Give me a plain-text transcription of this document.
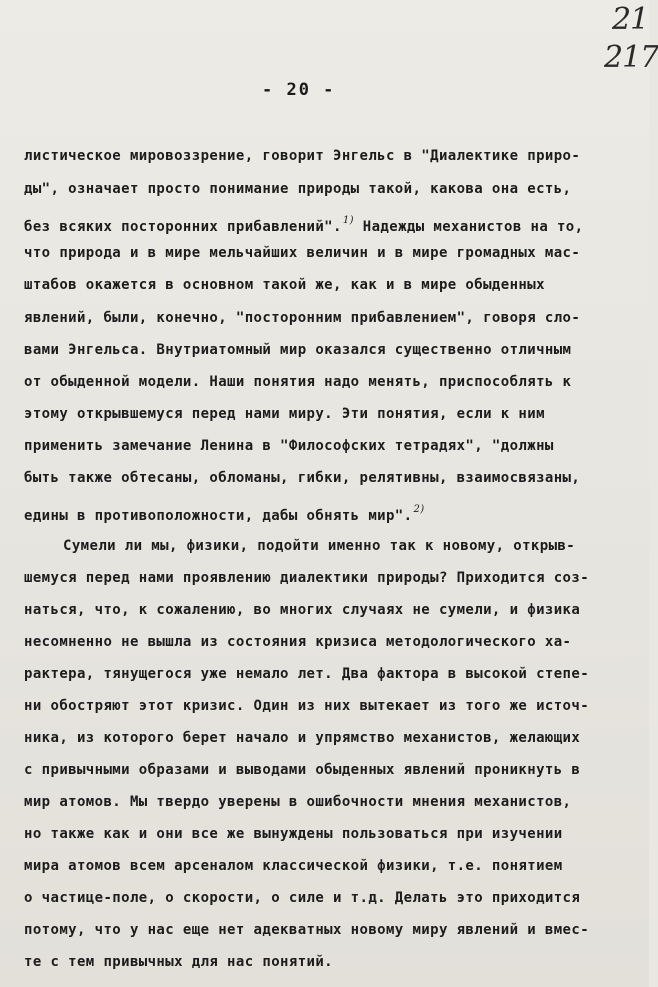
21
217
- 20 -
листическое мировоззрение, говорит Энгельс в "Диалектике приро-
ды", означает просто понимание природы такой, какова она есть,
без всяких посторонних прибавлений".$^{1)}$ Надежды механистов на то,
что природа и в мире мельчайших величин и в мире громадных мас-
штабов окажется в основном такой же, как и в мире обыденных
явлений, были, конечно, "посторонним прибавлением", говоря сло-
вами Энгельса. Внутриатомный мир оказался существенно отличным
от обыденной модели. Наши понятия надо менять, приспособлять к
этому открывшемуся перед нами миру. Эти понятия, если к ним
применить замечание Ленина в "Философских тетрадях", "должны
быть также обтесаны, обломаны, гибки, релятивны, взаимосвязаны,
едины в противоположности, дабы обнять мир".$^{2)}$
Сумели ли мы, физики, подойти именно так к новому, открыв-
шемуся перед нами проявлению диалектики природы? Приходится соз-
наться, что, к сожалению, во многих случаях не сумели, и физика
несомненно не вышла из состояния кризиса методологического ха-
рактера, тянущегося уже немало лет. Два фактора в высокой степе-
ни обостряют этот кризис. Один из них вытекает из того же источ-
ника, из которого берет начало и упрямство механистов, желающих
с привычными образами и выводами обыденных явлений проникнуть в
мир атомов. Мы твердо уверены в ошибочности мнения механистов,
но также как и они все же вынуждены пользоваться при изучении
мира атомов всем арсеналом классической физики, т.е. понятием
о частице-поле, о скорости, о силе и т.д. Делать это приходится
потому, что у нас еще нет адекватных новому миру явлений и вмес-
те с тем привычных для нас понятий.
